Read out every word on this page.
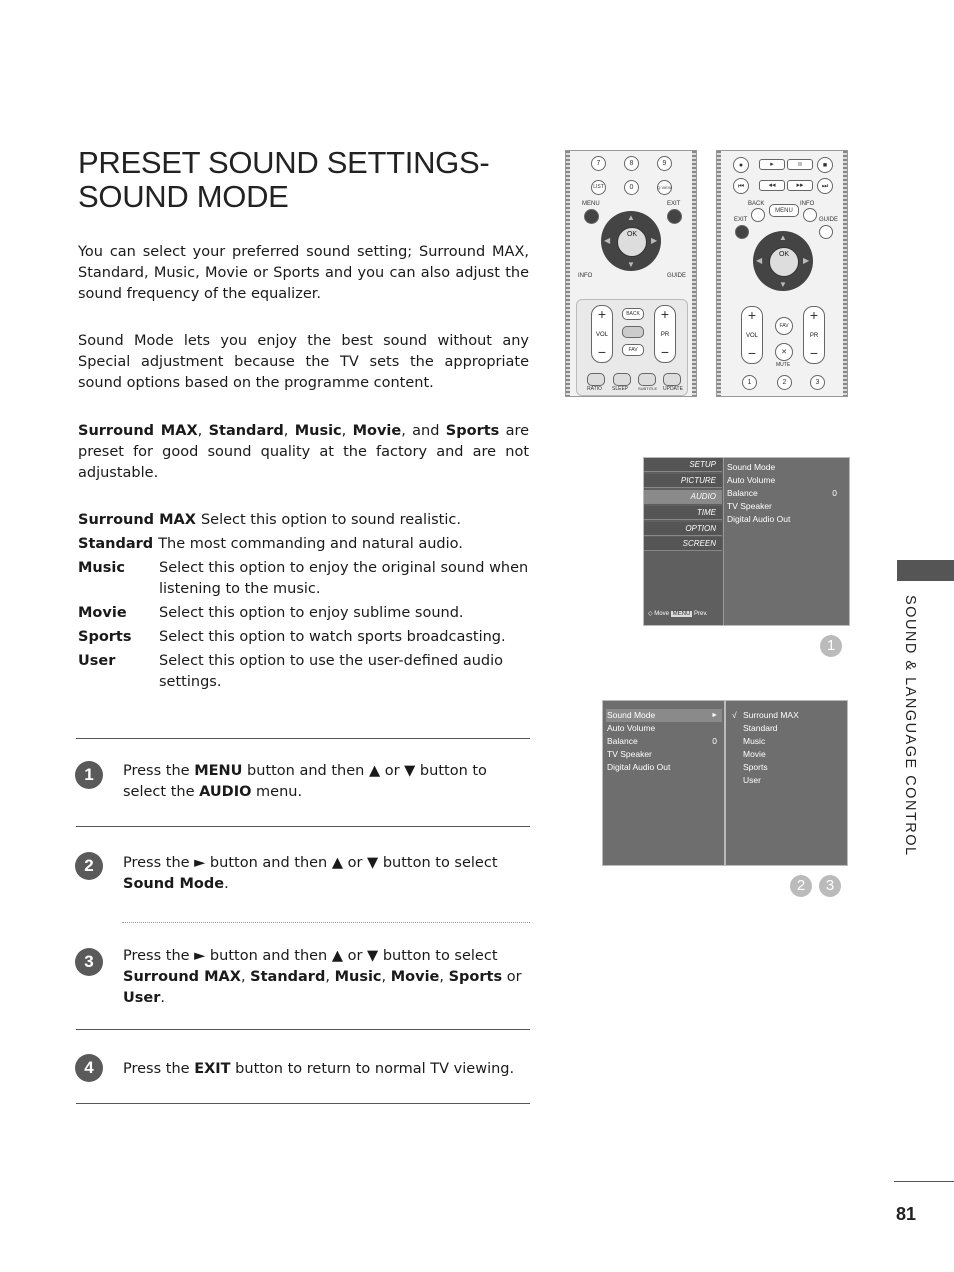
PRESET SOUND SETTINGS-
SOUND MODE

You can select your preferred sound setting; Surround MAX, Standard, Music, Movie or Sports and you can also adjust the sound frequency of the equalizer.

Sound Mode lets you enjoy the best sound without any Special adjustment because the TV sets the appropriate sound options based on the programme content.

Surround MAX, Standard, Music, Movie, and Sports are preset for good sound quality at the factory and are not adjustable.

Surround MAX Select this option to sound realistic.
Standard The most commanding and natural audio.
Music	Select this option to enjoy the original sound when listening to the music.
Movie	Select this option to enjoy sublime sound.
Sports	Select this option to watch sports broadcasting.
User	Select this option to use the user-defined audio settings.
1	Press the MENU button and then ▲ or ▼ button to select the AUDIO menu.
2	Press the ► button and then ▲ or ▼ button to select Sound Mode.
3	Press the ► button and then ▲ or ▼ button to select Surround MAX, Standard, Music, Movie, Sports or User.
4	Press the EXIT button to return to normal TV viewing.
7	8	9
LIST	0	Q.VIEW
MENU	EXIT
▲
▼
◀	▶
OK
INFO	GUIDE
+
VOL
−
BACK
FAV
+
PR
−
RATIO SLEEP SUBTITLE UPDATE
●	▸	ıı	■
⏮	◂◂	▸▸	⏭
BACK	INFO
MENU
EXIT	GUIDE
▲
▼
◀	▶
OK
+
VOL
−
FAV
✕
MUTE
+
PR
−
1	2	3
SETUP
PICTURE
AUDIO
TIME
OPTION
SCREEN
◇ Move MENU Prev.
Sound Mode
Auto Volume
Balance	0
TV Speaker
Digital Audio Out
1
Sound Mode	►
Auto Volume
Balance	0
TV Speaker
Digital Audio Out
√ Surround MAX
Standard
Music
Movie
Sports
User
2	3
SOUND & LANGUAGE CONTROL
81
